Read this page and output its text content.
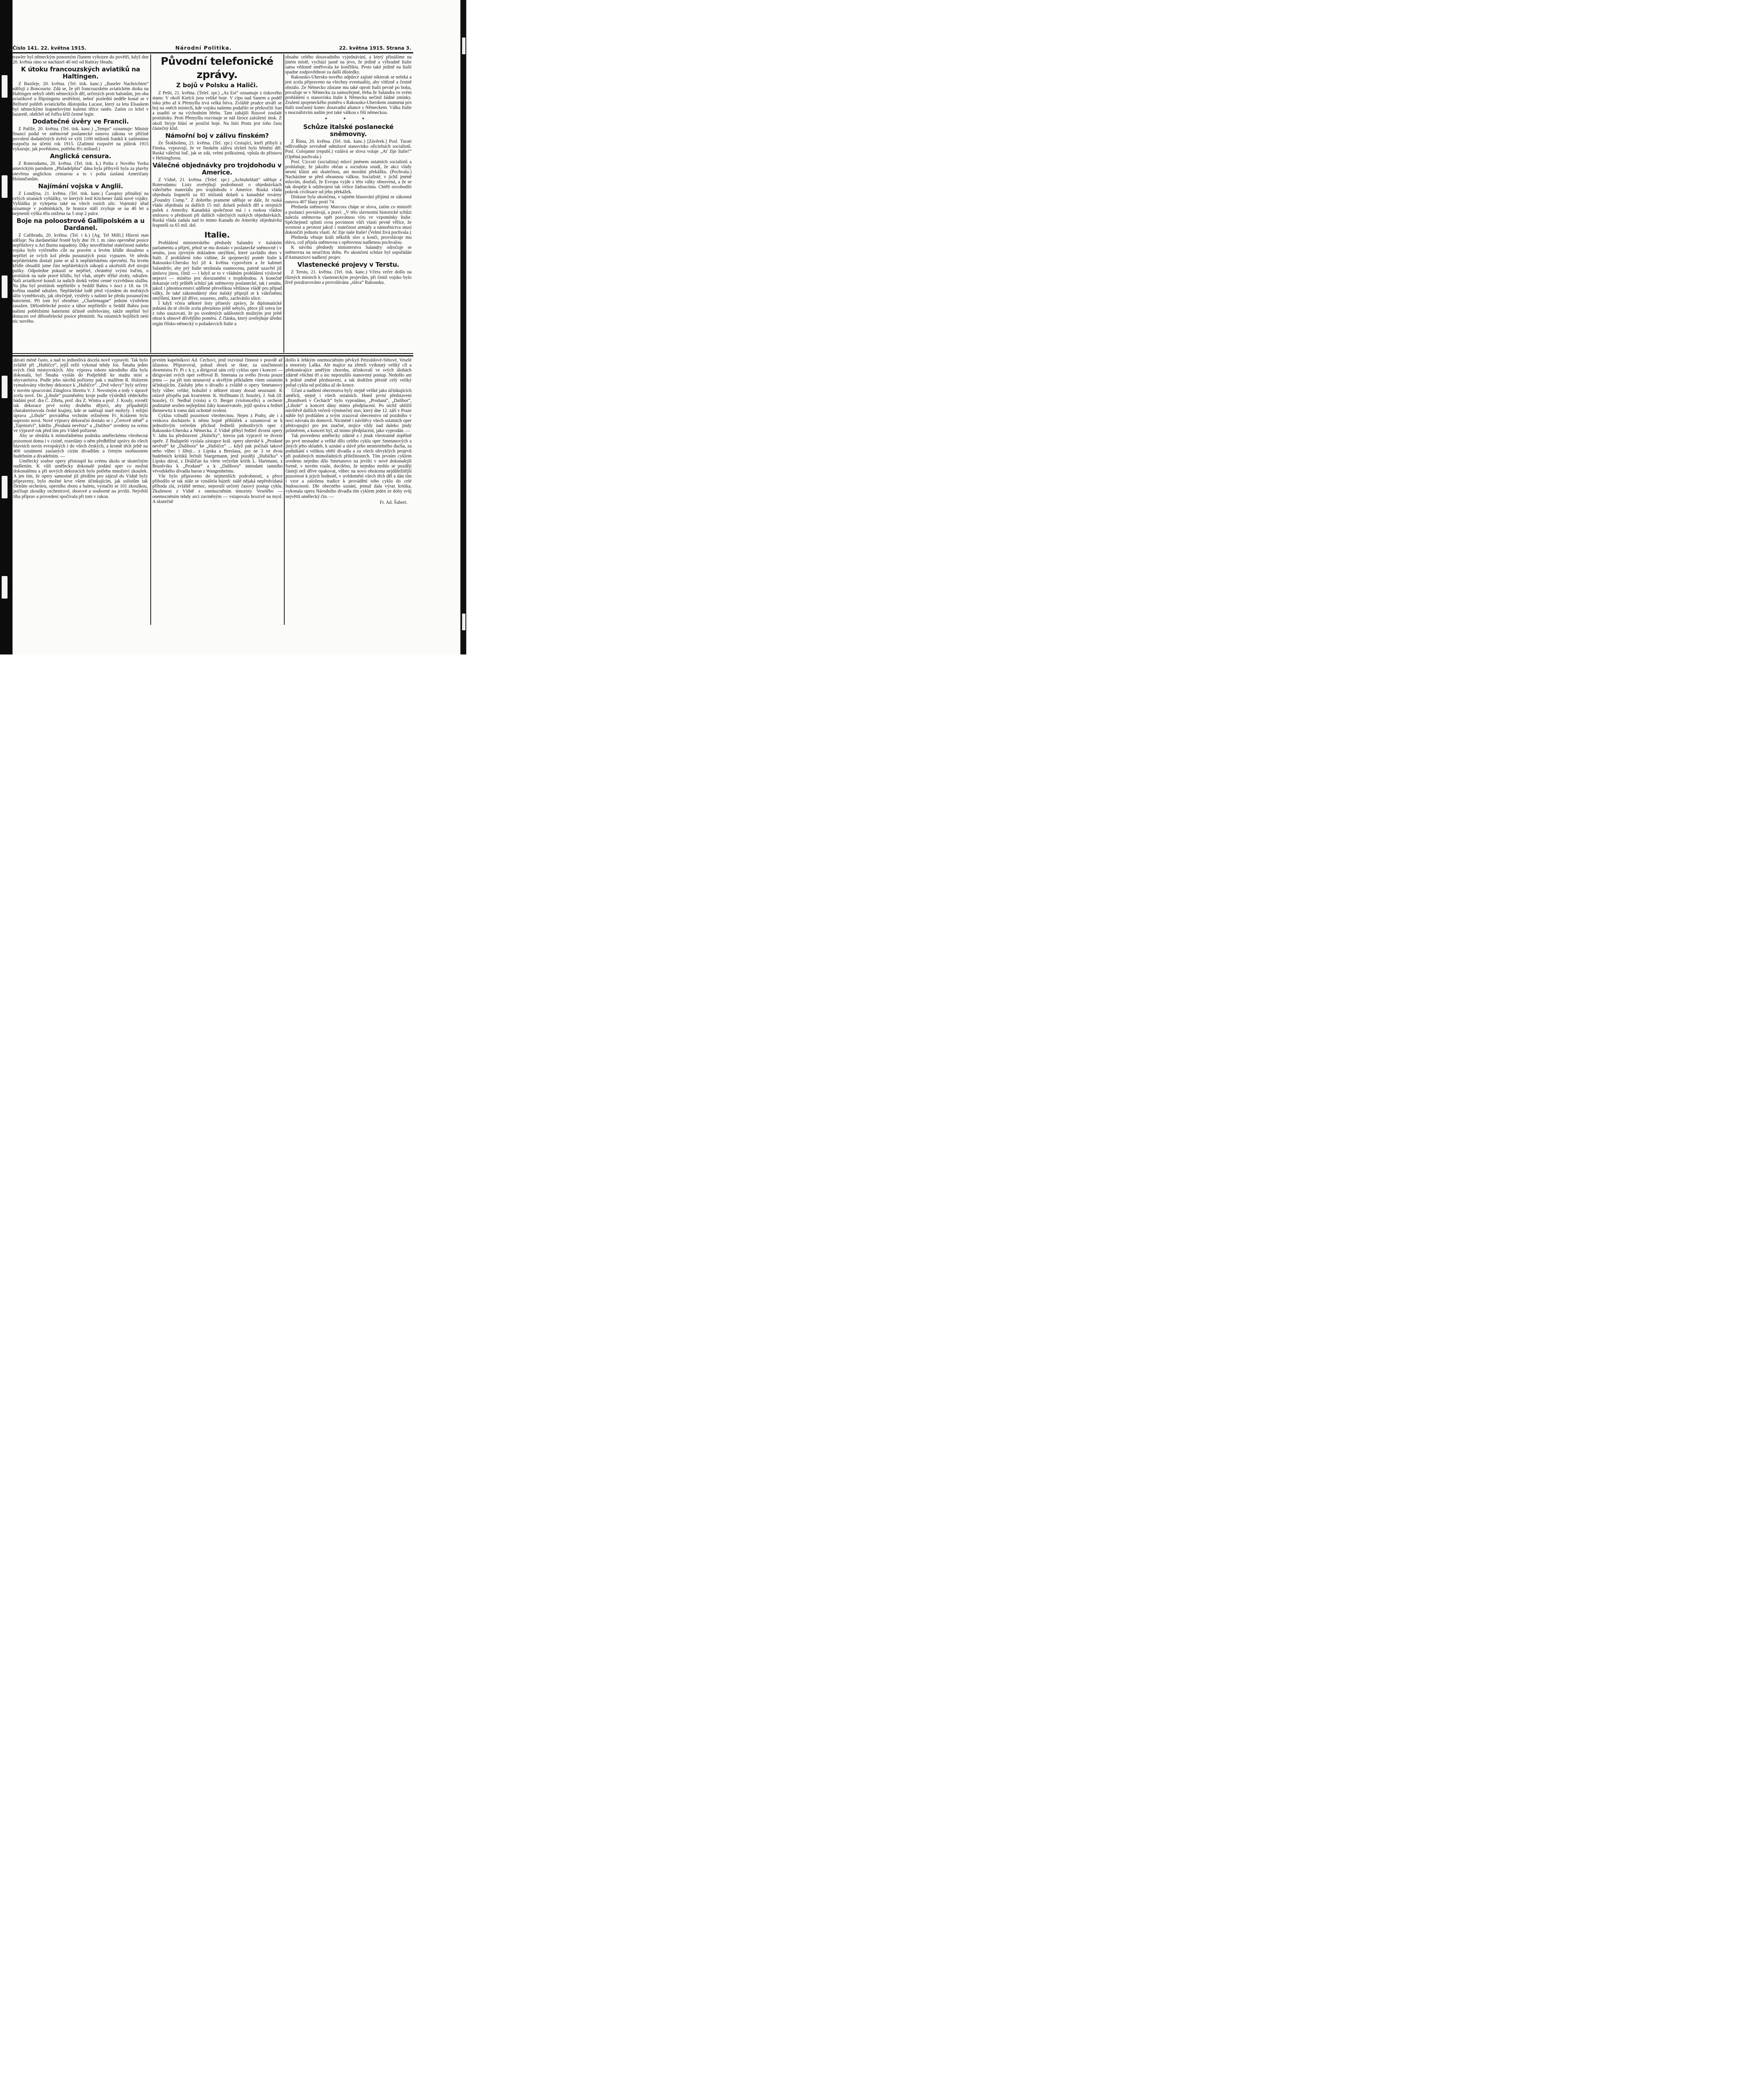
Číslo 141. 22. května 1915.	Národní Politika.	22. května 1915. Strana 3.

trawler byl německým ponorným člunem vyhozen do povětří, když dne 20. května ráno se nacházel 40 mil od Rattray Headu.

K útoku francouzských aviatiků na Haltingen.

Z Basileje, 20. května. (Tel. tisk. kanc.) „Baseler Nachrichten“ sdělují z Boncourtu: Zdá se, že při francouzském aviatickém útoku na Haltingen nebyli obětí německých děl, určených proti balonům, jen oba aviatikové u Hipsingenu sestřelení, neboť poslední neděle konal se v Belforté pohřeb aviatického důstojníka Lucase, který za letu Elsaskem byl německými šrapnelovými kulemi těžce raněn. Zatím co ležel v lazaretě, obdržel od Joffra kříž čestné legie.

Dodatečné úvěry ve Francii.

Z Paříže, 20. května. (Tel. tisk. kanc.) „Temps“ oznamuje: Ministr financí podal ve sněmovně poslanecké osnovu zákona ve příčině povolení dodatečných úvěrů ve výši 1100 milionů franků k zatímnímu rozpočtu na účetní rok 1915. (Zatímní rozpočet na půlrok 1915 vykazuje, jak povědomo, potřebu 8½ miliard.)

Anglická censura.

Z Roterodamu, 20. května. (Tel. tisk. k.) Pošta z Nového Yorku americkým parníkem „Philadelphia“ dána byla přibyvší byla za plavby otevřena anglickou censurou a to i pošta zaslaná Američany Holanďanům.

Najímání vojska v Anglii.

Z Londýna, 21. května. (Tel. tisk. kanc.) Časopisy přinášejí na celých stranách vyhlášky, ve kterých lord Kitchener žádá nové vojáky. Vyhláška je vylepena také na všech rozích ulic. Vojenský úřad oznamuje v podmínkách, že hranice stáří zvyšuje se na 40 let a nejmenší výška těla snížena na 5 stop 2 palce.

Boje na poloostrově Gallipolském a u Dardanel.

Z Cařihradu, 20. května. (Tel. t k.) [Ag. Tel Milli.] Hlavní stan sděluje: Na dardanelské frontě byly dne 19. t. m. ráno opevněné posice nepřítelovy u Ari Burnu napadeny. Díky neuvěřitelné statečnosti našeho vojska bylo vytčeného cíle na pravém a levém křídle dosaženo a nepřítel ze svých kol předu posunutých posic vypuzen. Ve středu nepřátelském dostali jsme se až k nepřátelskému opevnění. Na levém křídle obsadili jsme část nepřátelských zákopů a ukořistili dvě strojní pušky. Odpoledne pokusil se nepřítel, chráněný svými loďmi, o protiútok na naše pravé křídlo, byl však, utrpěv těžké ztráty, odražen. Naši aviatikové konali za našich útoků velmi cenné vyzvědnou službu. Na jihu byl protiútok nepřítelův u Seddil Bahru v noci z 18. na 19. května snadně odražen. Nepřátelské lodě před výzedem do mořských úžin vyměňovaly, jak obyčejně, výstřely s našimi ke předu posunutými bateriemi. Při tom byl obrněnec „Charlemagne“ jedním výstřelem zasažen. Dělostřelecké posice a tábor nepřítelův u Seddil Bahru jsou našimi pobřežními bateriemi účinně ostřelovány, takže nepřítel byl donucen své dělostřelecké posice přemístit. Na ostatních bojištích není nic nového.

Původní telefonické zprávy.
Z bojů v Polsku a Haliči.

Z Pešti, 21. května. (Telef. zpr.) „Az Est“ oznamuje z tiskového stanu: V okolí Kielců jsou veliké boje. V cípu nad Sanem a podél toku jeho až k Přemyšlu trvá velká bitva. Zvláště prudce utváří se boj na oněch místech, kde vojsku našemu podařilo se překročiti San a usaditi se na východním břehu. Tam zahájili Rusové zoufalé protiútoky. Proti Přemyšlu rozvinuje se náš široce založený útok. Z okolí Stryje hlásí se posiční boje. Na linii Prutu jest toho času částečný klid.

Námořní boj v zálivu finském?

Ze Štokholmu, 21. května. (Tel. zpr.) Cestující, kteří přibyli z Finska, vypravují, že ve finském zálivu slyšeti bylo hřmění děl. Ruská válečná loď, jak se zdá, velmi poškozená, vplula do přístavu v Helsingforsu.

Válečné objednávky pro trojdohodu v Americe.

Z Vídně, 21. května. (Telef. zpr.) „Achtuhrblatt“ sděluje z Roterodamu: Listy uveřejňují podrobnosti o objednávkách válečného materiálu pro trojdohodu v Americe. Ruská vláda objednala šrapnelů za 83 milionů dolarů u kanadské továrny „Foundry Comp.“. Z dobrého pramene sděluje se dále, že ruská vláda objednala za dalších 15 mil. dolarů polních děl a strojních pušek z Ameriky. Kanadská společnost má i s ruskou vládou smlouvu o přednosti při dalších válečných ruských objednávkách. Ruská vláda zadala nad to mimo Kanadu do Ameriky objednávku šrapnelů za 65 mil. dol.

Italie.

Prohlášení ministerského předsedy Salandry v italském parlamentu a přijetí, jehož se mu dostalo v poslanecké sněmovně i v senátu, jsou zjevným dokladem smýšlení, které zavládlo dnes v Italii. Z prohlášení toho vidíme, že spojenecký poměr Italie k Rakousko-Uhersku byl již 4. května vypovězen a že kabinet Salandrův, aby prý Italie nezůstala osamocena, patrně uzavřel již úmluvu jinou, čímž — i když se to v vládním prohlášení výslovně nepraví — míněno jest dorozumění s trojdohodou. A konečně dokazuje celý průběh schůzí jak sněmovny poslanecké, tak i senátu, jakož i plnomocenství udělené převelikou většinou vládě pro případ války, že také zákonodárný sbor italský připojil se k válečnému smýšlení, které již dříve, souzeno, znělo, zachvátilo ulice.

I když včera některé listy přinesly zprávy, že diplomatické jednání do té chvíle zcela přerušeno ještě nebylo, přece již sotva lze z toho usuzovati, že po uvedených událostech možným jest ještě obrat k obnově dřívějšího poměru. Z článku, který uveřejňuje úřední orgán říšsko-německý o požadavcích Italie a

obsahu celého dosavadního vyjednávání, a který přinášíme na jiném místě, vychází jasně na jevo, že jedině a výhradně Italie sama vědomě směřovala ke konfliktu. Proto také jedině na Italii spadne zodpovědnost za další důsledky.

Rakousko-Uhersko nového odpůrce zajisté nikterak se neleká a jest zcela připraveno na všechny eventuality, aby vítězně a čestně obstálo. Ze Německo zůstane mu také oproti Italii pevně po boku, považuje se v Německu za samozřejmé, třeba že Salandra ve svém prohlášení o stanovisku Italie k Německu nečinil žádné zmínky. Zrušení spojeneckého poměru s Rakousko-Uherskem znamená pro Italii současný konec dosavadní aliance s Německem. Válka Italie s mocnářstvím naším jest také válkou s říší německou.

* * *
Schůze italské poslanecké sněmovny.

Z Říma, 20. května. (Tel. tisk. kanc.) [Závěrek.] Posl. Turati odůvodňuje zevrubně odmítavé stanovisko oficielních socialistů. Posl. Colojanni (republ.) vzdává se slova volaje „Ať žije Italie!“ (Opětná pochvala.)

Posl. Ciccoti (socialista) mluví jménem ostatních socialistů a prohlašuje, že jakožto občan a socialista soudí, že akci vlády nesmí klásti ani skutečnou, ani morální překážku. (Pochvala.) Nacházíme se před obrannou válkou. Socialisté, v jichž jméně mluvím, doufali, že Evropa vyjde z této války obnovená, a že se tak dospěje k odzbrojení tak velice žádoucímu. Chtěli osvobodíti pokrok civilisace od jeho překážek.

Diskuse byla ukončena, v tajném hlasování přijímá se zákonná osnova 407 hlasy proti 74.

Předseda sněmovny Marcora chápe se slova, zatím co ministři a poslanci povstávají, a praví: „V této slavnostní historické schůzi nalezla sněmovna opět posvátnou víru ve vzpomínky Italie. Spěchejmež splniti svou povinnost vůči vlasti pevně věříce, že svornost a pevnost jakož i statečnost armády a námořnictva musí dokončiti jednotu vlasti. Ať žije naše Italie! (Velmi živá pochvala.)

Předseda věnuje králi několik slov a konči, provolávaje mu slávu, což přijala sněmovna s opětovnou nadšenou pochvalou.

K návrhu předsedy ministerstva Salandry odročuje se sněmovna na neurčitou dobu. Po ukončení schůze byl uspořádán d'Annunziovi nadšený projev.

Vlastenecké projevy v Terstu.

Z Terstu, 21. května. (Tel. tisk. kanc.) Včera večer došlo na různých místech k vlasteneckým projevům, při čemž vojsko bylo živě pozdravováno a provolávána „sláva“ Rakousku.

dávati méně často, a nad to jednotlivá docela nově vypraviti. Tak bylo zvláště při „Hubičce“, jejíž režií vykonal tehdy Jos. Šmaha jeden svých činů mistrovských. Aby výprava tohoto národního díla byla dokonalá, byl Šmaha vyslán do Podještědí ke studiu míst a obyvatelstva. Podle jeho návrhů pořízeny pak s malířem R. Holzrem vymalovány všechny dekorace k „Hubičce“. „Dvě vdovy“ byly určeny v novém spracování Zünglova libretta V. J. Novotným a tedy v úpravě zcela nové. Do „Libuše“ pozměněny kroje podle výsledků vědeckého bádání prof. dra Č. Zíbrta, prof. dra Z. Wintra a prof. J. Kouly, rovněž tak dekorace prvé scény druhého dějství, aby případnější charakterisovala české krajiny, kde se nalézají staré mohyly. I režijní úprava „Libuše“ prováděna vrchním režisérem Fr. Kolárem byla naprosto nová. Nové výpravy dekorační dostalo se i „Čertově stěně“ a „Tajemství“, kdežto „Prodaná nevěsta“ a „Dalibor“ uvedeny na scénu ve výpravě rok před tím pro Vídeň pořízené.

Aby se obrátila k mimořádnému podniku uměleckému všeobecná pozornost doma i v cizině, rozeslány o něm předběžné zprávy do všech hlavních novin evropských i do všech českých, a kromě těch ještě na 400 oznámení zaslaných cizím divadlům a četným osobnostem hudebním a divadelním. —

Umělecký soubor opery přistoupil ku svému úkolu se skutečným nadšením. K vůli umělecky dokonalé podání oper co možná dokonalému a při nových dekoracích bylo potřeba množství zkoušek. A jen tím, že opery samostné již předtím pro zájezd do Vídně byly připraveny, bylo možné krve všem účinkujícím, jak solistům tak členům orchestru, operního sboru a baletu, vystačiti se 101 zkouškou, počítaje zkoušky orchestrové, sborové a souborné na jevišti. Největší tíha příprav a provedení spočívala při tom v rukou

prvním kapelníkovi Ad. Čechovi, jenž rozvinul činnost v pravdě až úžasnou. Připravoval, pokud sborů se tkne, za součinnosti sbormistra Fr. Pi c k y, a dirigoval sám celý cyklus oper i koncert — dirigování svých oper svěřoval B. Smetana za svého života pouze jemu — jsa při tom neunavný a skvělým příkladem všem ostatním účinkujícím. Zásluhy jeho o divadlo a zvláště o opery Smetanovy byly vůbec veliké, bohužel s některé strany dosud neuznané. K oslavě přispěla pak kvartetem: K. Hoffmann (I. housle), J. Suk (II. housle), O. Nedbal (viola) a O. Berger (violoncello) a orchestr podstatně sesílen nejlepšími žáky konservatoře, jejíž správa a ředitel Bennewitz k tomu dali ochotně svolení.

Cyklus vzbudil pozornost všeobecnou. Nejen z Prahy, ale i z venkova docházelo k němu hojně přihlášek a oznamoval se k jednotlivým večerům příchod ředitelů jednotlivých oper z Rakousko-Uherska a Německa. Z Vídně přibyl ředitel dvorní opery V. Jahn ku představení „Hubičky“, kterou pak vypravil ve dvorní opeře. Z Budapešti vyslala zástupce král. opery uherské k „Prodané nevěstě“ ke „Dalibora“ ke „Hubičce“ ... když pak počítali takové nebo vůbec i šířeji... z Lipska a Breslaua, pro ne 3 ve dvou hudebních kritiků řečnili Staegemann, jenž později „Hubičku“ v Lipsku dával, z Drážďan ku všem večerům kritik L. Hartmann, z Brunšviku k „Prodané“ a k „Daliboru“ intendant tamního vévodského divadla baron z Wangenheimu.

Vše bylo připraveno do nejmenších podrobností, a přece přihodilo se tak stále se vznášela bázeň: stálé nějaká nepředvídaná příhoda zlá, zvláště nemoc, neporuší určený časový postup cyklu. Zkušenost z Vídně s onemocněním tenoristy Veselého — onemocněním tehdy arci zaviněným — vstupovala hrozivě na mysl. A skutečně

došlo k lehkým onemocněním pěvkyň Petzoldové-Sittové, Veselé a tenoristy Laška. Ale majíce na zřeteli vytknutý veliký cíl a překonávajíce umělým chorobu, účinkovali ve svých úlohách zdárně všichni tři a nic neporušilo stanovený postup. Nedošlo ani k jediné změně představení, a tak dodržen přesně celý veliký pořad cyklu od počátku až do konce.

Účast a nadšení obecenstva byly stejně veliké jako účinkujících umělců, stejně i všech ostatních. Hned první představení „Braniborů v Čechách“ bylo vyprodáno, „Prodaná“, „Dalibor“, „Libuše“ a koncert dány mimo předplacení. Po nichž ubližil návštěvě dalších večerů výminečný stav, který dne 12. září v Praze náhle byl prohlášen a svým zrazoval obecenstvo od pozdního v noci návratu do domovů. Nicméně i návštěvy všech ostatních oper překvapující pro jen značné, stojíce vždy nad daleko jindy průměrem, a koncert byl, až mimo předplacení, jako vyprodán. —

Tak provedeno umělecky zdárně a i jinak všestranně úspěšně po prvé nesnadné a veliké dílo celého cyklu oper Smetanových a jiných jeho skladeb, k uznání a slávě jeho nesmrtelného ducha, za podnikání s velikou obětí divadla a za všech obvyklých projevů při podobných mimořádných příležitostech. Tím prvním cyklem uvedeno nejedno dílo Smetanovo na jevišti v nové dokonalejší formě, v novém rouše, dociléno, že nejedno mohlo se později částeji než dříve opakovat, vůbec na novo obrácena nejdůležitější pozornost k jejich hodnotě, v uvědomění všech těch děl a dán tím i vzor a založena tradice k provádění toho cyklu do celé budoucnosti. Dle obecného uznání, jemuž dala výraz kritika, vykonala opera Národního divadla tím cyklem jeden ze doby svůj největší umělecký čin. —

Fr. Ad. Šubert.
